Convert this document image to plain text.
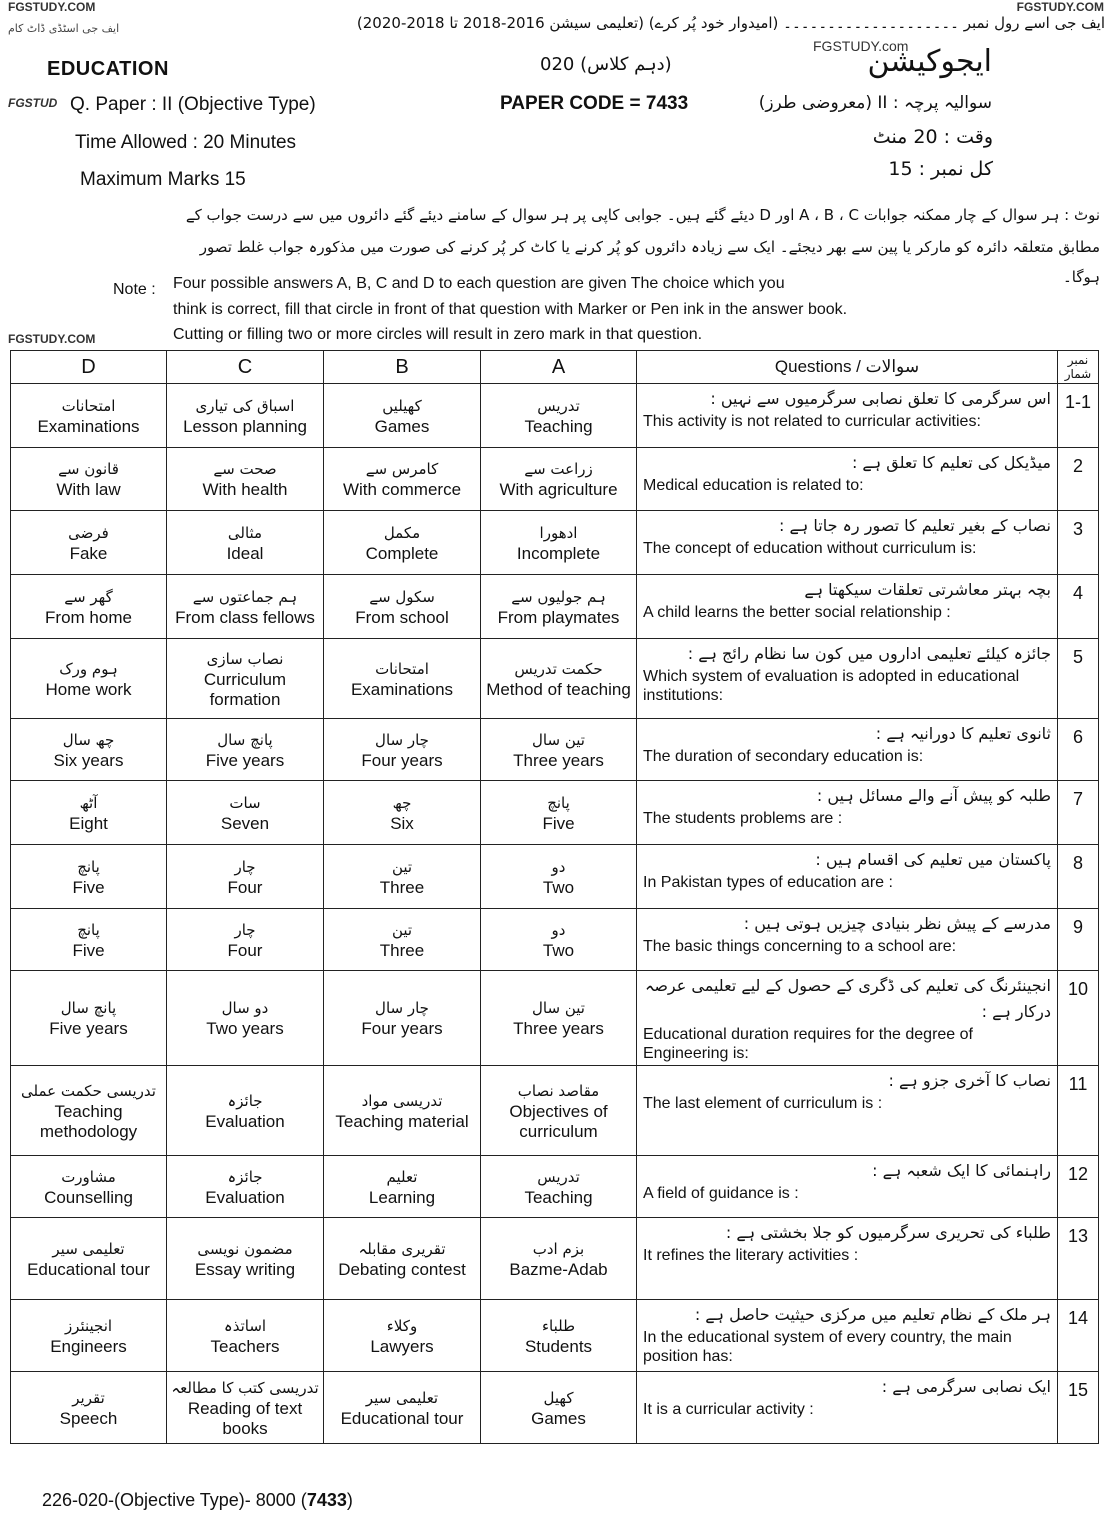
FGSTUDY.COM
ایف جی اسٹڈی ڈاٹ کام
FGSTUDY.COM
FGSTUDY.com
FGSTUD
FGSTUDY.COM
ایف جی اسے رول نمبر ۔۔۔۔۔۔۔۔۔۔۔۔۔۔۔۔۔۔۔۔ (امیدوار خود پُر کرے) (تعلیمی سیشن 2016-2018 تا 2018-2020)
EDUCATION	(دہم کلاس) 020	ایجوکیشن
Q. Paper : II (Objective Type)	PAPER CODE = 7433	سوالیہ پرچہ : II (معروضی طرز)
Time Allowed : 20 Minutes	وقت : 20 منٹ
Maximum Marks 15	کل نمبر : 15
نوٹ : ہر سوال کے چار ممکنہ جوابات A ، B ، C اور D دیئے گئے ہیں۔ جوابی کاپی پر ہر سوال کے سامنے دیئے گئے دائروں میں سے درست جواب کے
مطابق متعلقہ دائرہ کو مارکر یا پین سے بھر دیجئے۔ ایک سے زیادہ دائروں کو پُر کرنے یا کاٹ کر پُر کرنے کی صورت میں مذکورہ جواب غلط تصور ہوگا۔
Note : Four possible answers A, B, C and D to each question are given The choice which you
think is correct, fill that circle in front of that question with Marker or Pen ink in the answer book.
Cutting or filling two or more circles will result in zero mark in that question.
D	C	B	A	Questions / سوالات	نمبر شمار

امتحانات
Examinations	اسباق کی تیاری
Lesson planning	کھیلیں
Games	تدریس
Teaching	اس سرگرمی کا تعلق نصابی سرگرمیوں سے نہیں :
This activity is not related to curricular activities:	1-1

قانون سے
With law	صحت سے
With health	کامرس سے
With commerce	زراعت سے
With agriculture	میڈیکل کی تعلیم کا تعلق ہے :
Medical education is related to:	2

فرضی
Fake	مثالی
Ideal	مکمل
Complete	ادھورا
Incomplete	نصاب کے بغیر تعلیم کا تصور رہ جاتا ہے :
The concept of education without curriculum is:	3

گھر سے
From home	ہم جماعتوں سے
From class fellows	سکول سے
From school	ہم جولیوں سے
From playmates	بچہ بہتر معاشرتی تعلقات سیکھتا ہے
A child learns the better social relationship :	4

ہوم ورک
Home work	نصاب سازی
Curriculum formation	امتحانات
Examinations	حکمت تدریس
Method of teaching	جائزہ کیلئے تعلیمی اداروں میں کون سا نظام رائج ہے :
Which system of evaluation is adopted in educational institutions:	5

چھ سال
Six years	پانچ سال
Five years	چار سال
Four years	تین سال
Three years	ثانوی تعلیم کا دورانیہ ہے :
The duration of secondary education is:	6

آٹھ
Eight	سات
Seven	چھ
Six	پانچ
Five	طلبہ کو پیش آنے والے مسائل ہیں :
The students problems are :	7

پانچ
Five	چار
Four	تین
Three	دو
Two	پاکستان میں تعلیم کی اقسام ہیں :
In Pakistan types of education are :	8

پانچ
Five	چار
Four	تین
Three	دو
Two	مدرسے کے پیش نظر بنیادی چیزیں ہوتی ہیں :
The basic things concerning to a school are:	9

پانچ سال
Five years	دو سال
Two years	چار سال
Four years	تین سال
Three years	انجینئرنگ کی تعلیم کی ڈگری کے حصول کے لیے تعلیمی عرصہ درکار ہے :
Educational duration requires for the degree of Engineering is:	10

تدریسی حکمت عملی
Teaching methodology	جائزہ
Evaluation	تدریسی مواد
Teaching material	مقاصد نصاب
Objectives of curriculum	نصاب کا آخری جزو ہے :
The last element of curriculum is :	11

مشاورت
Counselling	جائزہ
Evaluation	تعلیم
Learning	تدریس
Teaching	راہنمائی کا ایک شعبہ ہے :
A field of guidance is :	12

تعلیمی سیر
Educational tour	مضمون نویسی
Essay writing	تقریری مقابلہ
Debating contest	بزم ادب
Bazme-Adab	طلباء کی تحریری سرگرمیوں کو جلا بخشتی ہے :
It refines the literary activities :	13

انجینئرز
Engineers	اساتذہ
Teachers	وکلاء
Lawyers	طلباء
Students	ہر ملک کے نظام تعلیم میں مرکزی حیثیت حاصل ہے :
In the educational system of every country, the main position has:	14

تقریر
Speech	تدریسی کتب کا مطالعہ
Reading of text books	تعلیمی سیر
Educational tour	کھیل
Games	ایک نصابی سرگرمی ہے :
It is a curricular activity :	15
226-020-(Objective Type)- 8000 (7433)
